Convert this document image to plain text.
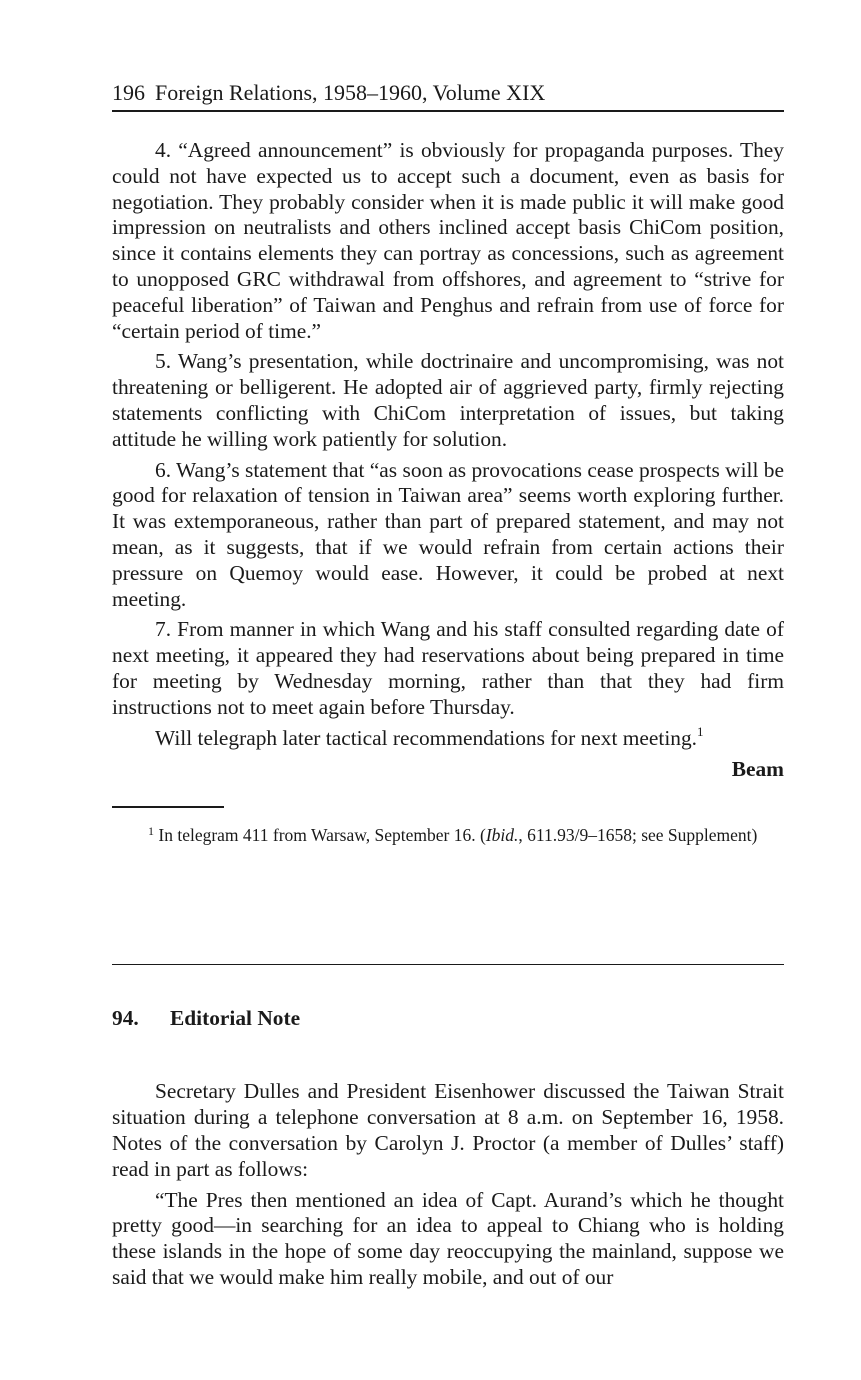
196 Foreign Relations, 1958–1960, Volume XIX

4. “Agreed announcement” is obviously for propaganda purposes. They could not have expected us to accept such a document, even as basis for negotiation. They probably consider when it is made public it will make good impression on neutralists and others inclined accept basis ChiCom position, since it contains elements they can portray as concessions, such as agreement to unopposed GRC withdrawal from offshores, and agreement to “strive for peaceful liberation” of Taiwan and Penghus and refrain from use of force for “certain period of time.”

5. Wang’s presentation, while doctrinaire and uncompromising, was not threatening or belligerent. He adopted air of aggrieved party, firmly rejecting statements conflicting with ChiCom interpretation of issues, but taking attitude he willing work patiently for solution.

6. Wang’s statement that “as soon as provocations cease prospects will be good for relaxation of tension in Taiwan area” seems worth exploring further. It was extemporaneous, rather than part of prepared statement, and may not mean, as it suggests, that if we would refrain from certain actions their pressure on Quemoy would ease. However, it could be probed at next meeting.

7. From manner in which Wang and his staff consulted regarding date of next meeting, it appeared they had reservations about being prepared in time for meeting by Wednesday morning, rather than that they had firm instructions not to meet again before Thursday.

Will telegraph later tactical recommendations for next meeting.$^1$

Beam
$^1$ In telegram 411 from Warsaw, September 16. (Ibid., 611.93/9–1658; see Supplement)
94. Editorial Note

Secretary Dulles and President Eisenhower discussed the Taiwan Strait situation during a telephone conversation at 8 a.m. on September 16, 1958. Notes of the conversation by Carolyn J. Proctor (a member of Dulles’ staff) read in part as follows:

“The Pres then mentioned an idea of Capt. Aurand’s which he thought pretty good—in searching for an idea to appeal to Chiang who is holding these islands in the hope of some day reoccupying the mainland, suppose we said that we would make him really mobile, and out of our
